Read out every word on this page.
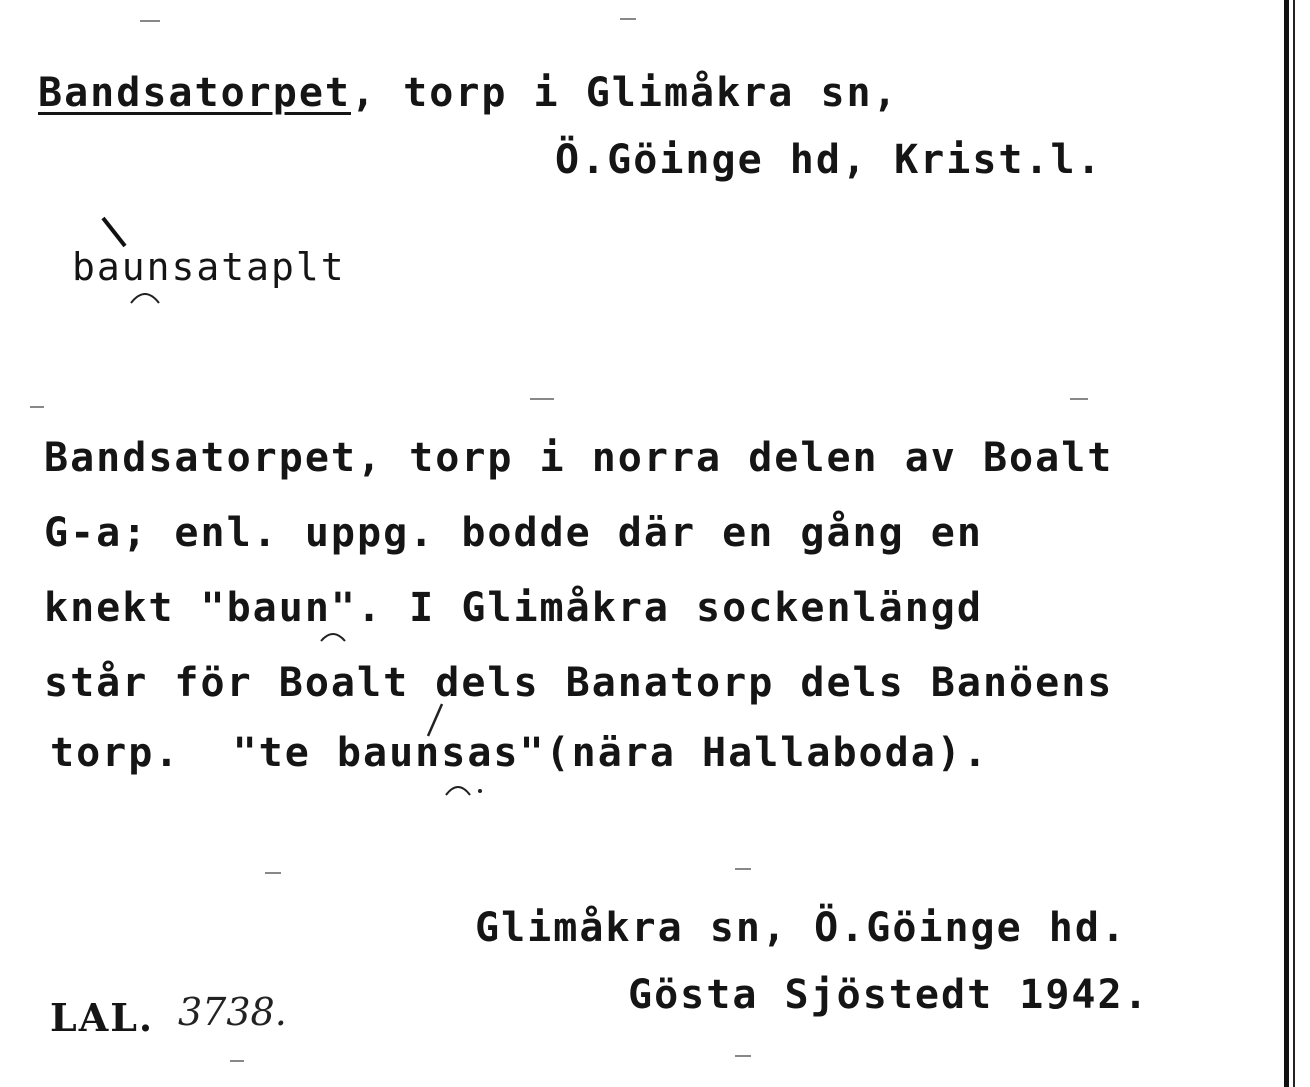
Bandsatorpet, torp i Glimåkra sn,
Ö.Göinge hd, Krist.l.
baunsataplt
Bandsatorpet, torp i norra delen av Boalt
G-a; enl. uppg. bodde där en gång en
knekt "baun". I Glimåkra sockenlängd
står för Boalt dels Banatorp dels Banöens
torp.  "te baunsas"(nära Hallaboda).
Glimåkra sn, Ö.Göinge hd.
Gösta Sjöstedt 1942.
LAL. 3738.
